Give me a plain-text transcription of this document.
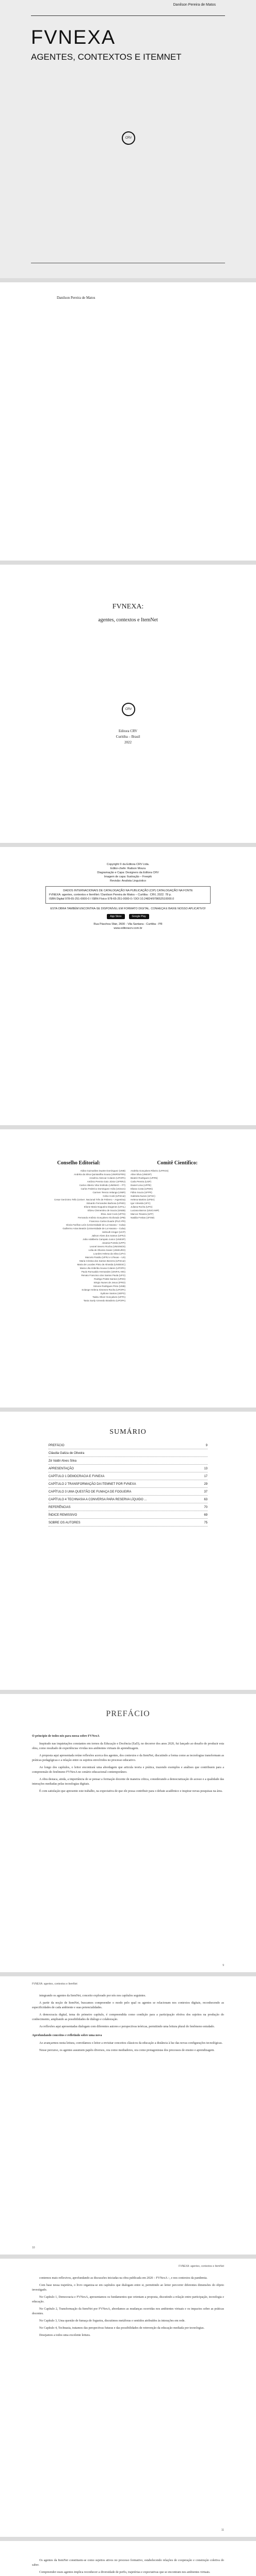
Danilson Pereira de Matos
FVNEXA
AGENTES, CONTEXTOS E ITEMNET
CRV
Danilson Pereira de Matos
FVNEXA:
agentes, contextos e ItemNet
CRV
Editora CRV
Curitiba – Brasil
2022
Copyright © da Editora CRV Ltda.
Editor-chefe: Railson Moura
Diagramação e Capa: Designers da Editora CRV
Imagem de capa: Ilustração – Freepik
Revisão: Analista Linguístico
DADOS INTERNACIONAIS DE CATALOGAÇÃO NA PUBLICAÇÃO (CIP) CATALOGAÇÃO NA FONTE
FVNEXA: agentes, contextos e ItemNet / Danilson Pereira de Matos – Curitiba : CRV, 2022. 78 p.
ISBN Digital 978-65-251-0000-0 / ISBN Físico 978-65-251-0000-0 / DOI 10.24824/978652510000.0
ESTA OBRA TAMBÉM ENCONTRA-SE DISPONÍVEL EM FORMATO DIGITAL. CONHEÇA E BAIXE NOSSO APLICATIVO!
App Store	Google Play
Rua Páschoa Sfair, 2600 - Vila Santana - Curitiba - PR
www.editoracrv.com.br
Conselho Editorial:
Aldira Guimarães Duarte Domínguez (UNB)
Andréia da Silva Quintanilha Sousa (UNIR/UFRN)
Anselmo Alencar Colares (UFOPA)
Antônio Pereira Gaio Júnior (UFRRJ)
Carlos Alberto Vilar Estêvão (UMINHO – PT)
Carlos Federico Dominguez Avila (Unieuro)
Carmen Tereza Velanga (UNIR)
Celso Conti (UFSCar)
Cesar Gerónimo Tello (Univer .Nacional Três de Febrero – Argentina)
Eduardo Fernandes Barbosa (UFMG)
Elione Maria Nogueira Diogenes (UFAL)
Elizeu Clementino de Souza (UNEB)
Élsio José Corá (UFFS)
Fernando Antônio Gonçalves Alcoforado (IPB)
Francisco Carlos Duarte (PUC-PR)
Gloria Fariñas León (Universidade de La Havana – Cuba)
Guillermo Arias Beatón (Universidade de La Havana – Cuba)
Helmuth Krüger (UCP)
Jailson Alves dos Santos (UFRJ)
João Adalberto Campato Junior (UNESP)
Josania Portela (UFPI)
Leonel Severo Rocha (UNISINOS)
Lídia de Oliveira Xavier (UNIEURO)
Lourdes Helena da Silva (UFV)
Marcelo Paixão (UFRJ e UTexas – US)
Maria Cristina dos Santos Bezerra (UFSCar)
Maria de Lourdes Pinto de Almeida (UNOESC)
Maria Lília Imbiriba Sousa Colares (UFOPA)
Paulo Romualdo Hernandes (UNIFAL-MG)
Renato Francisco dos Santos Paula (UFG)
Rodrigo Pratte-Santos (UFES)
Sérgio Nunes de Jesus (IFRO)
Simone Rodrigues Pinto (UNB)
Solange Helena Ximenes-Rocha (UFOPA)
Sydione Santos (UEPG)
Tadeu Oliver Gonçalves (UFPA)
Tania Suely Azevedo Brasileiro (UFOPA)
Comitê Científico:
Andréia Gonçalves Ribeiro (UFRGS)
Aline Silva (UNESP)
Beatriz Rodrigues (UFRN)
Carla Pereira (USP)
Daniel Lima (UFPE)
Eliana Costa (UFMG)
Fábio Souza (UFPR)
Gabriela Nunes (UFSC)
Helena Martins (UFBA)
Igor Almeida (UFC)
Juliana Rocha (UFG)
Luciana Barros (UNICAMP)
Marcos Teixeira (UFF)
Natália Freitas (UFSM)
SUMÁRIO
PREFÁCIO	9
Cláudia Galiza de Oliveira
Zé Valdir Alves Silva
APRESENTAÇÃO	13
CAPÍTULO 1 DEMOCRACIA E FVNEXA	17
CAPÍTULO 2 TRANSFORMAÇÃO DA ITEMNET POR FVNEXA	29
CAPÍTULO 3 UMA QUESTÃO DE FUMAÇA DE FOGUEIRA	37
CAPÍTULO 4 TECHNASIA A CONVERSA PARA RESERVA LÍQUIDO ...	63
REFERÊNCIAS	70
ÍNDICE REMISSIVO	69
SOBRE OS AUTORES	75
PREFÁCIO

O princípio de todos nós para nossa sobre FVNexA

Inspirado nas inquietações constantes em tornos da Educação e Docência (EaD), no decorrer dos anos 2020, fui lançado ao desafio de produzir esta obra, como resultado de experiências vividas nos ambientes virtuais de aprendizagem.

A proposta aqui apresentada reúne reflexões acerca dos agentes, dos contextos e da ItemNet, discutindo a forma como as tecnologias transformam as práticas pedagógicas e a relação entre os sujeitos envolvidos no processo educativo.

Ao longo dos capítulos, o leitor encontrará uma abordagem que articula teoria e prática, trazendo exemplos e análises que contribuem para a compreensão do fenômeno FVNexA no cenário educacional contemporâneo.

A obra destaca, ainda, a importância de se pensar a formação docente de maneira crítica, considerando a democratização do acesso e a qualidade das interações mediadas pelas tecnologias digitais.

É com satisfação que apresento este trabalho, na expectativa de que ele possa contribuir para o debate acadêmico e inspirar novas pesquisas na área.

9
FVNEXA: agentes, contextos e ItemNet

integrando os agentes da ItemNet, conceito explorado por nós nos capítulos seguintes.

A partir da noção de ItemNet, buscamos compreender o modo pelo qual os agentes se relacionam nos contextos digitais, reconhecendo as especificidades de cada ambiente e suas potencialidades.

A democracia digital, tema do primeiro capítulo, é compreendida como condição para a participação efetiva dos sujeitos na produção do conhecimento, ampliando as possibilidades de diálogo e colaboração.

As reflexões aqui apresentadas dialogam com diferentes autores e perspectivas teóricas, permitindo uma leitura plural do fenômeno estudado.

Aprofundando conceitos e refletindo sobre uma nova

Ao avançarmos nesta leitura, convidamos o leitor a revisitar conceitos clássicos da educação a distância à luz das novas configurações tecnológicas.

Nesse percurso, os agentes assumem papéis diversos, ora como mediadores, ora como protagonistas dos processos de ensino e aprendizagem.

10
FVNEXA: agentes, contextos e ItemNet

contemos mais reflexivos, aprofundando as discussões iniciadas na obra publicada em 2020 – FVNexA –, e nos contextos da pandemia.

Com base nessa trajetória, o livro organiza-se em capítulos que dialogam entre si, permitindo ao leitor percorrer diferentes dimensões do objeto investigado.

No Capítulo 1, Democracia e FVNexA, apresentamos os fundamentos que orientam a proposta, discutindo a relação entre participação, tecnologia e educação.

No Capítulo 2, Transformação da ItemNet por FVNexA, abordamos as mudanças ocorridas nos ambientes virtuais e os impactos sobre as práticas docentes.

No Capítulo 3, Uma questão de fumaça de fogueira, discutimos metáforas e sentidos atribuídos às interações em rede.

No Capítulo 4, Technasia, tratamos das perspectivas futuras e das possibilidades de reinvenção da educação mediada por tecnologias.

Desejamos a todos uma excelente leitura.

11

Os agentes da ItemNet constituem-se como sujeitos ativos no processo formativo, estabelecendo relações de cooperação e construção coletiva do saber.

Compreender esses agentes implica reconhecer a diversidade de perfis, trajetórias e expectativas que se encontram nos ambientes virtuais.
